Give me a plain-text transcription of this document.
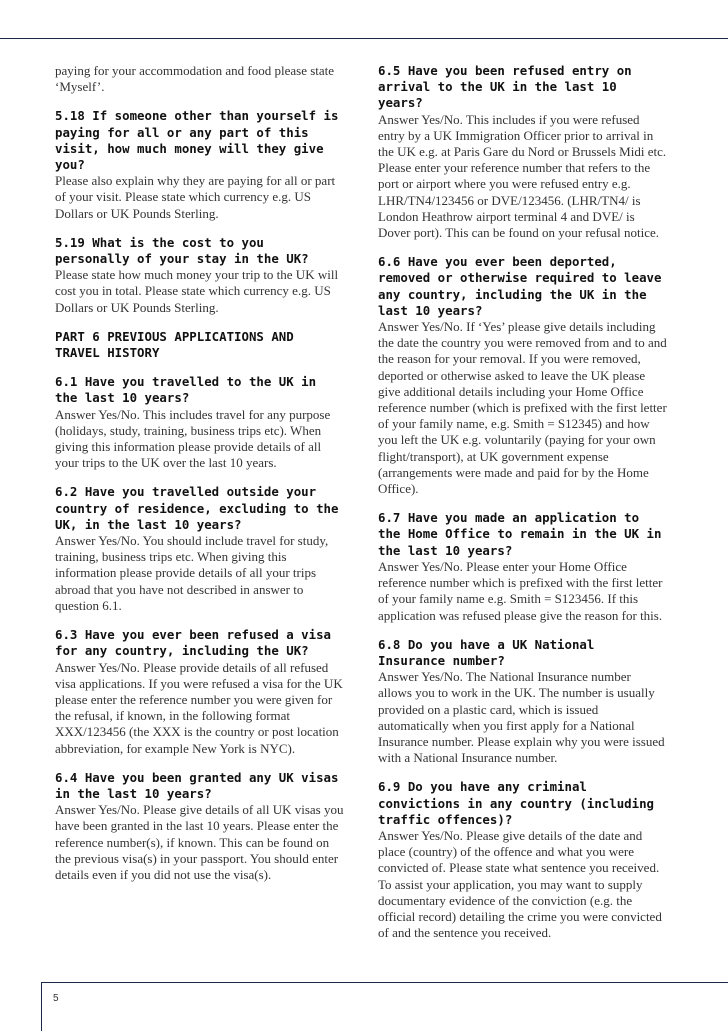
paying for your accommodation and food please state ‘Myself’.

5.18 If someone other than yourself is paying for all or any part of this visit, how much money will they give you?

Please also explain why they are paying for all or part of your visit. Please state which currency e.g. US Dollars or UK Pounds Sterling.

5.19 What is the cost to you personally of your stay in the UK?

Please state how much money your trip to the UK will cost you in total. Please state which currency e.g. US Dollars or UK Pounds Sterling.

PART 6 PREVIOUS APPLICATIONS AND TRAVEL HISTORY

6.1 Have you travelled to the UK in the last 10 years?

Answer Yes/No. This includes travel for any purpose (holidays, study, training, business trips etc). When giving this information please provide details of all your trips to the UK over the last 10 years.

6.2 Have you travelled outside your country of residence, excluding to the UK, in the last 10 years?

Answer Yes/No. You should include travel for study, training, business trips etc. When giving this information please provide details of all your trips abroad that you have not described in answer to question 6.1.

6.3 Have you ever been refused a visa for any country, including the UK?

Answer Yes/No. Please provide details of all refused visa applications. If you were refused a visa for the UK please enter the reference number you were given for the refusal, if known, in the following format XXX/123456 (the XXX is the country or post location abbreviation, for example New York is NYC).

6.4 Have you been granted any UK visas in the last 10 years?

Answer Yes/No. Please give details of all UK visas you have been granted in the last 10 years. Please enter the reference number(s), if known. This can be found on the previous visa(s) in your passport. You should enter details even if you did not use the visa(s).

6.5 Have you been refused entry on arrival to the UK in the last 10 years?

Answer Yes/No. This includes if you were refused entry by a UK Immigration Officer prior to arrival in the UK e.g. at Paris Gare du Nord or Brussels Midi etc. Please enter your reference number that refers to the port or airport where you were refused entry e.g. LHR/TN4/123456 or DVE/123456. (LHR/TN4/ is London Heathrow airport terminal 4 and DVE/ is Dover port). This can be found on your refusal notice.

6.6 Have you ever been deported, removed or otherwise required to leave any country, including the UK in the last 10 years?

Answer Yes/No. If ‘Yes’ please give details including the date the country you were removed from and to and the reason for your removal. If you were removed, deported or otherwise asked to leave the UK please give additional details including your Home Office reference number (which is prefixed with the first letter of your family name, e.g. Smith = S12345) and how you left the UK e.g. voluntarily (paying for your own flight/transport), at UK government expense (arrangements were made and paid for by the Home Office).

6.7 Have you made an application to the Home Office to remain in the UK in the last 10 years?

Answer Yes/No. Please enter your Home Office reference number which is prefixed with the first letter of your family name e.g. Smith = S123456. If this application was refused please give the reason for this.

6.8 Do you have a UK National Insurance number?

Answer Yes/No. The National Insurance number allows you to work in the UK. The number is usually provided on a plastic card, which is issued automatically when you first apply for a National Insurance number. Please explain why you were issued with a National Insurance number.

6.9 Do you have any criminal convictions in any country (including traffic offences)?

Answer Yes/No. Please give details of the date and place (country) of the offence and what you were convicted of. Please state what sentence you received. To assist your application, you may want to supply documentary evidence of the conviction (e.g. the official record) detailing the crime you were convicted of and the sentence you received.

5
